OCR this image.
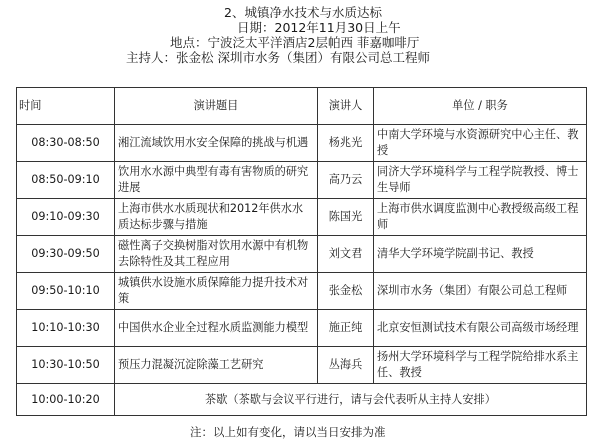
2、城镇净水技术与水质达标
日期：2012年11月30日上午
地点：宁波泛太平洋酒店2层帕西 菲嘉咖啡厅
主持人：张金松 深圳市水务（集团）有限公司总工程师
时间	演讲题目	演讲人	单位 / 职务
08:30-08:50	湘江流域饮用水安全保障的挑战与机遇	杨兆光	中南大学环境与水资源研究中心主任、教授
08:50-09:10	饮用水水源中典型有毒有害物质的研究进展	高乃云	同济大学环境科学与工程学院教授、博士生导师
09:10-09:30	上海市供水水质现状和2012年供水水质达标步骤与措施	陈国光	上海市供水调度监测中心教授级高级工程师
09:30-09:50	磁性离子交换树脂对饮用水源中有机物去除特性及其工程应用	刘文君	清华大学环境学院副书记、教授
09:50-10:10	城镇供水设施水质保障能力提升技术对策	张金松	深圳市水务（集团）有限公司总工程师
10:10-10:30	中国供水企业全过程水质监测能力模型	施正纯	北京安恒测试技术有限公司高级市场经理
10:30-10:50	预压力混凝沉淀除藻工艺研究	丛海兵	扬州大学环境科学与工程学院给排水系主任、教授
10:00-10:20	茶歇（茶歇与会议平行进行，请与会代表听从主持人安排）		
注：以上如有变化，请以当日安排为准
